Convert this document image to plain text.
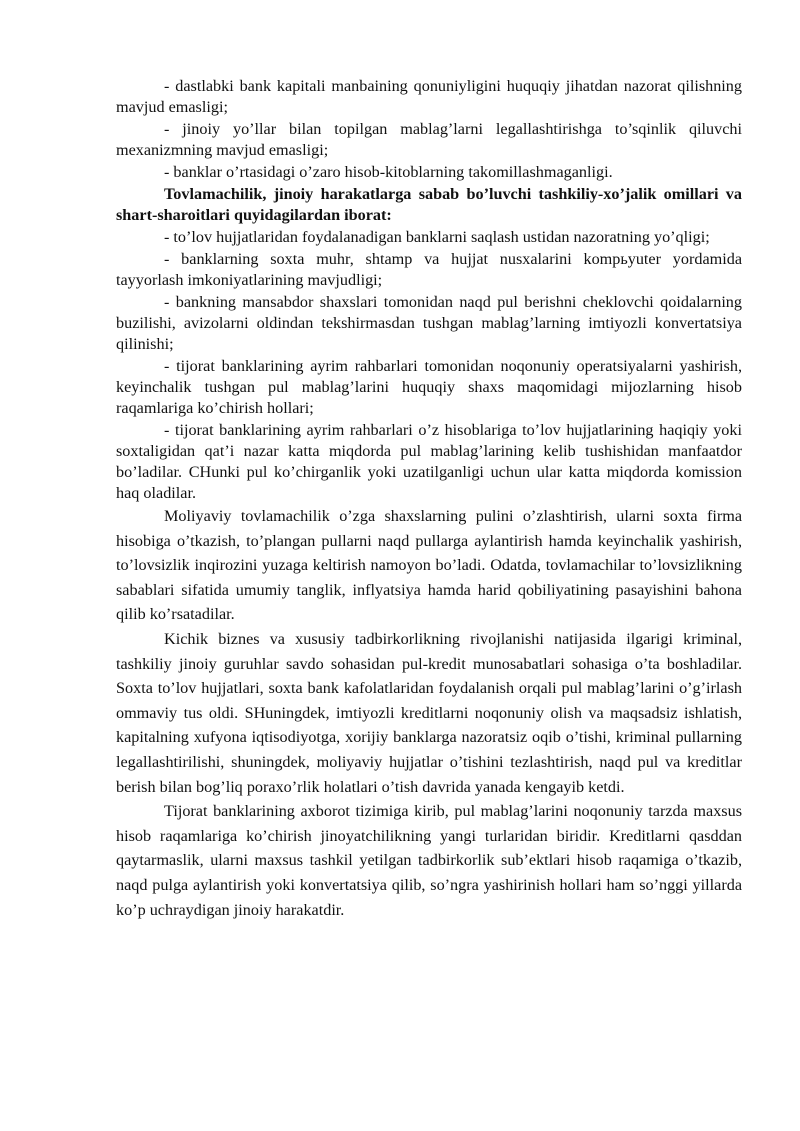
- dastlabki bank kapitali manbaining qonuniyligini huquqiy jihatdan nazorat qilishning mavjud emasligi;

- jinoiy yo’llar bilan topilgan mablag’larni legallashtirishga to’sqinlik qiluvchi mexanizmning mavjud emasligi;

- banklar o’rtasidagi o’zaro hisob-kitoblarning takomillashmaganligi.

Tovlamachilik, jinoiy harakatlarga sabab bo’luvchi tashkiliy-xo’jalik omillari va shart-sharoitlari quyidagilardan iborat:

- to’lov hujjatlaridan foydalanadigan banklarni saqlash ustidan nazoratning yo’qligi;

- banklarning soxta muhr, shtamp va hujjat nusxalarini kompьyuter yordamida tayyorlash imkoniyatlarining mavjudligi;

- bankning mansabdor shaxslari tomonidan naqd pul berishni cheklovchi qoidalarning buzilishi, avizolarni oldindan tekshirmasdan tushgan mablag’larning imtiyozli konvertatsiya qilinishi;

- tijorat banklarining ayrim rahbarlari tomonidan noqonuniy operatsiyalarni yashirish, keyinchalik tushgan pul mablag’larini huquqiy shaxs maqomidagi mijozlarning hisob raqamlariga ko’chirish hollari;

- tijorat banklarining ayrim rahbarlari o’z hisoblariga to’lov hujjatlarining haqiqiy yoki soxtaligidan qat’i nazar katta miqdorda pul mablag’larining kelib tushishidan manfaatdor bo’ladilar. CHunki pul ko’chirganlik yoki uzatilganligi uchun ular katta miqdorda komission haq oladilar.

Moliyaviy tovlamachilik o’zga shaxslarning pulini o’zlashtirish, ularni soxta firma hisobiga o’tkazish, to’plangan pullarni naqd pullarga aylantirish hamda keyinchalik yashirish, to’lovsizlik inqirozini yuzaga keltirish namoyon bo’ladi. Odatda, tovlamachilar to’lovsizlikning sabablari sifatida umumiy tanglik, inflyatsiya hamda harid qobiliyatining pasayishini bahona qilib ko’rsatadilar.

Kichik biznes va xususiy tadbirkorlikning rivojlanishi natijasida ilgarigi kriminal, tashkiliy jinoiy guruhlar savdo sohasidan pul-kredit munosabatlari sohasiga o’ta boshladilar. Soxta to’lov hujjatlari, soxta bank kafolatlaridan foydalanish orqali pul mablag’larini o’g’irlash ommaviy tus oldi. SHuningdek, imtiyozli kreditlarni noqonuniy olish va maqsadsiz ishlatish, kapitalning xufyona iqtisodiyotga, xorijiy banklarga nazoratsiz oqib o’tishi, kriminal pullarning legallashtirilishi, shuningdek, moliyaviy hujjatlar o’tishini tezlashtirish, naqd pul va kreditlar berish bilan bog’liq poraxo’rlik holatlari o’tish davrida yanada kengayib ketdi.

Tijorat banklarining axborot tizimiga kirib, pul mablag’larini noqonuniy tarzda maxsus hisob raqamlariga ko’chirish jinoyatchilikning yangi turlaridan biridir. Kreditlarni qasddan qaytarmaslik, ularni maxsus tashkil yetilgan tadbirkorlik sub’ektlari hisob raqamiga o’tkazib, naqd pulga aylantirish yoki konvertatsiya qilib, so’ngra yashirinish hollari ham so’nggi yillarda ko’p uchraydigan jinoiy harakatdir.
